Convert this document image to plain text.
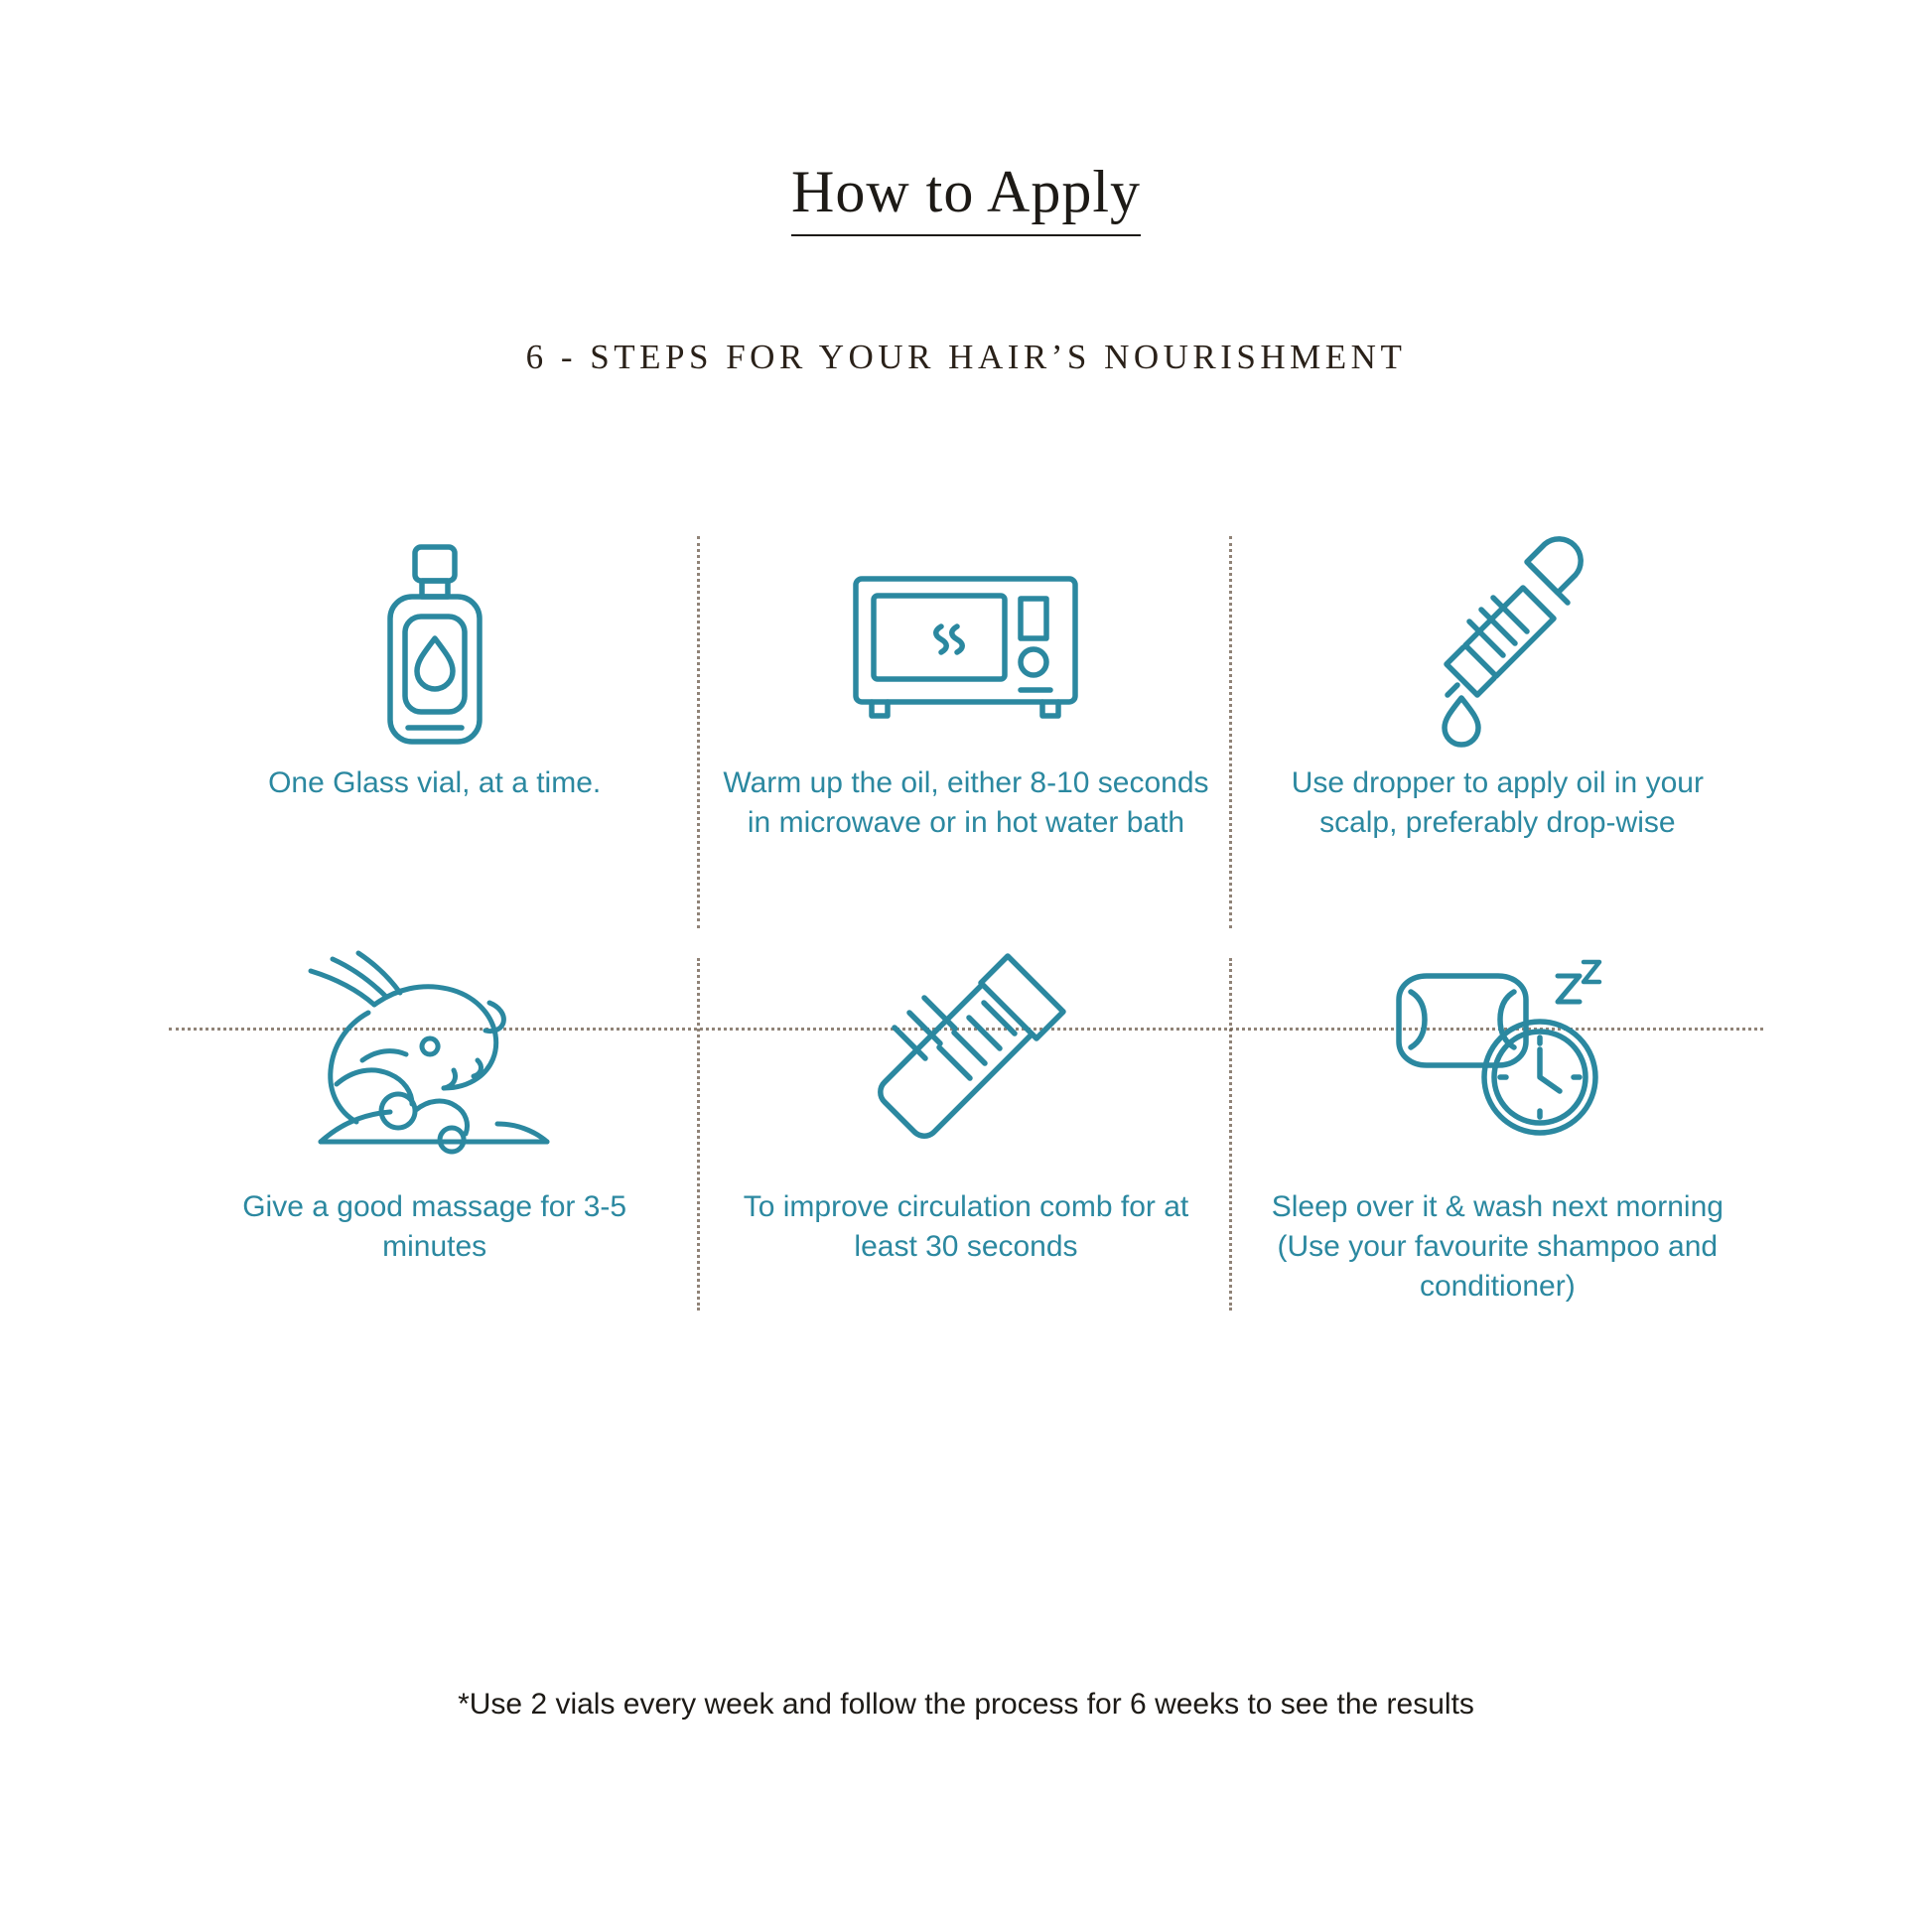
How to Apply
6 - STEPS FOR YOUR HAIR’S NOURISHMENT
One Glass vial, at a time.	Warm up the oil, either 8-10 seconds in microwave or in hot water bath
Use dropper to apply oil in your scalp, preferably drop-wise
Give a good massage for 3-5 minutes
To improve circulation comb for at least 30 seconds
Sleep over it & wash next morning (Use your favourite shampoo and conditioner)
*Use 2 vials every week and follow the process for 6 weeks to see the results
